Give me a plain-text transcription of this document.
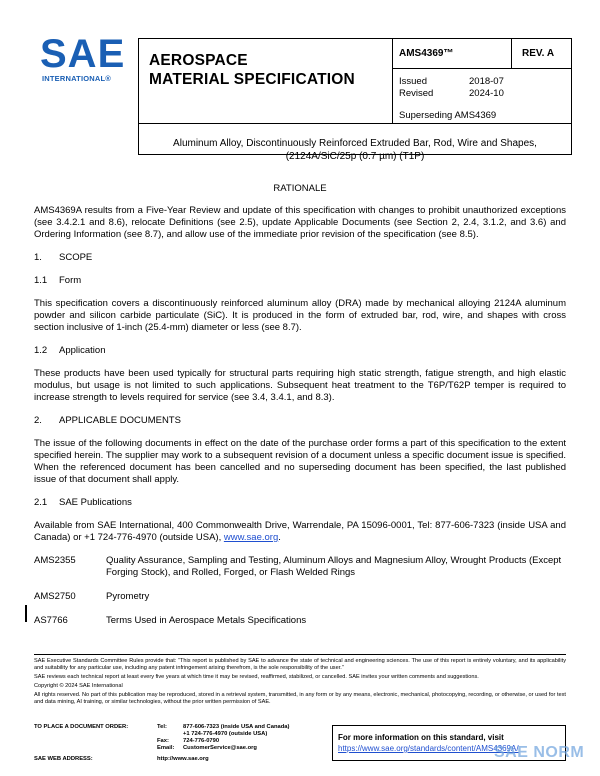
SAE
INTERNATIONAL®
AEROSPACE
MATERIAL SPECIFICATION
AMS4369™	REV. A
Issued	2018-07
Revised	2024-10
Superseding AMS4369
Aluminum Alloy, Discontinuously Reinforced Extruded Bar, Rod, Wire and Shapes,
(2124A/SiC/25p (0.7 µm) (T1P)
RATIONALE
AMS4369A results from a Five-Year Review and update of this specification with changes to prohibit unauthorized exceptions (see 3.4.2.1 and 8.6), relocate Definitions (see 2.5), update Applicable Documents (see Section 2, 2.4, 3.1.2, and 3.6) and Ordering Information (see 8.7), and allow use of the immediate prior revision of the specification (see 8.5).
1. SCOPE
1.1 Form
This specification covers a discontinuously reinforced aluminum alloy (DRA) made by mechanical alloying 2124A aluminum powder and silicon carbide particulate (SiC). It is produced in the form of extruded bar, rod, wire, and shapes with cross section inclusive of 1-inch (25.4-mm) diameter or less (see 8.7).
1.2 Application
These products have been used typically for structural parts requiring high static strength, fatigue strength, and high elastic modulus, but usage is not limited to such applications. Subsequent heat treatment to the T6P/T62P temper is required to increase strength to levels required for service (see 3.4, 3.4.1, and 8.3).
2. APPLICABLE DOCUMENTS
The issue of the following documents in effect on the date of the purchase order forms a part of this specification to the extent specified herein. The supplier may work to a subsequent revision of a document unless a specific document issue is specified. When the referenced document has been cancelled and no superseding document has been specified, the last published issue of that document shall apply.
2.1 SAE Publications
Available from SAE International, 400 Commonwealth Drive, Warrendale, PA 15096-0001, Tel: 877-606-7323 (inside USA and Canada) or +1 724-776-4970 (outside USA), www.sae.org.
AMS2355	Quality Assurance, Sampling and Testing, Aluminum Alloys and Magnesium Alloy, Wrought Products (Except Forging Stock), and Rolled, Forged, or Flash Welded Rings
AMS2750	Pyrometry
AS7766	Terms Used in Aerospace Metals Specifications
SAE Executive Standards Committee Rules provide that: “This report is published by SAE to advance the state of technical and engineering sciences. The use of this report is entirely voluntary, and its applicability and suitability for any particular use, including any patent infringement arising therefrom, is the sole responsibility of the user.”
SAE reviews each technical report at least every five years at which time it may be revised, reaffirmed, stabilized, or cancelled. SAE invites your written comments and suggestions.
Copyright © 2024 SAE International
All rights reserved. No part of this publication may be reproduced, stored in a retrieval system, transmitted, in any form or by any means, electronic, mechanical, photocopying, recording, or otherwise, or used for text and data mining, AI training, or similar technologies, without the prior written permission of SAE.
TO PLACE A DOCUMENT ORDER:	Tel:	877-606-7323 (inside USA and Canada)
+1 724-776-4970 (outside USA)
Fax:	724-776-0790
Email:	CustomerService@sae.org
SAE WEB ADDRESS:	http://www.sae.org
For more information on this standard, visit
https://www.sae.org/standards/content/AMS4369A/
SAE NORM
